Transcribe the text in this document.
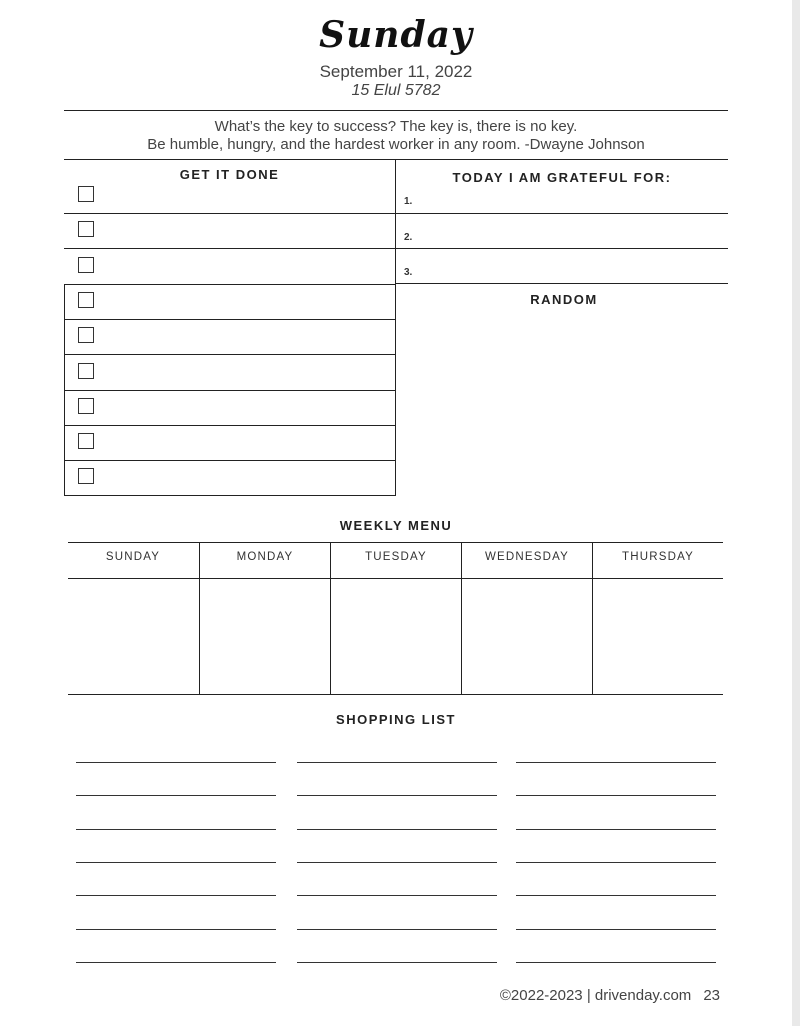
Sunday
September 11, 2022
15 Elul 5782
What’s the key to success? The key is, there is no key.
Be humble, hungry, and the hardest worker in any room. -Dwayne Johnson
GET IT DONE	TODAY I AM GRATEFUL FOR:
1.
2.
3.
RANDOM
WEEKLY MENU
SUNDAY	MONDAY	TUESDAY	WEDNESDAY	THURSDAY
SHOPPING LIST
©2022-2023 | drivenday.com 23
